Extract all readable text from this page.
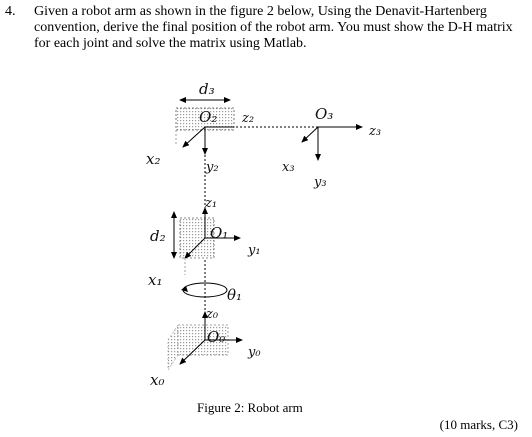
4. Given a robot arm as shown in the figure 2 below, Using the Denavit-Hartenberg
convention, derive the final position of the robot arm. You must show the D-H matrix
for each joint and solve the matrix using Matlab.
d₃
O₂ z₂	O₃
z₃
x₂	y₂	x₃
y₃
z₁
d₂	O₁
y₁
x₁
θ₁
z₀
O₀
y₀
x₀
Figure 2: Robot arm
(10 marks, C3)
